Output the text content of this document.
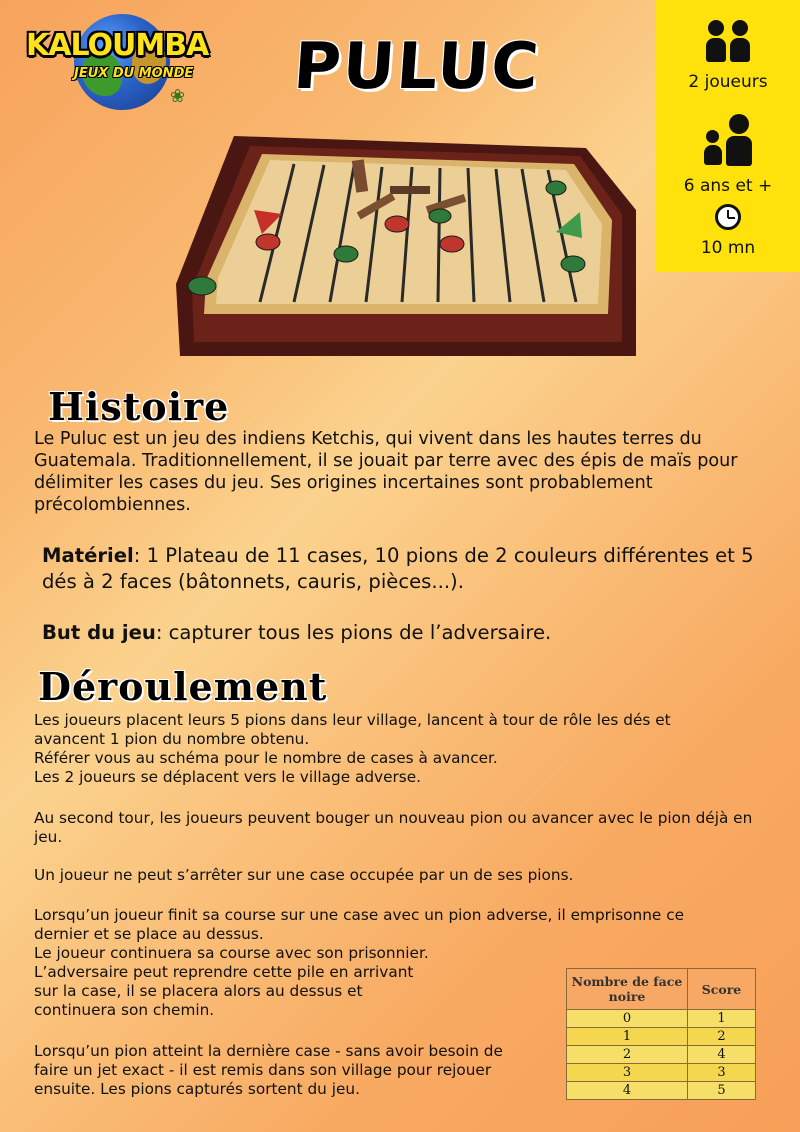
KALOUMBA
JEUX DU MONDE
❀	PULUC	2 joueurs
6 ans et +
10 mn
Histoire

Le Puluc est un jeu des indiens Ketchis, qui vivent dans les hautes terres du Guatemala. Traditionnellement, il se jouait par terre avec des épis de maïs pour délimiter les cases du jeu. Ses origines incertaines sont probablement précolombiennes.

Matériel: 1 Plateau de 11 cases, 10 pions de 2 couleurs différentes et 5 dés à 2 faces (bâtonnets, cauris, pièces...).

But du jeu: capturer tous les pions de l’adversaire.

Déroulement

Les joueurs placent leurs 5 pions dans leur village, lancent à tour de rôle les dés et avancent 1 pion du nombre obtenu.

Référer vous au schéma pour le nombre de cases à avancer.

Les 2 joueurs se déplacent vers le village adverse.

Au second tour, les joueurs peuvent bouger un nouveau pion ou avancer avec le pion déjà en jeu.

Un joueur ne peut s’arrêter sur une case occupée par un de ses pions.

Lorsqu’un joueur finit sa course sur une case avec un pion adverse, il emprisonne ce dernier et se place au dessus.

Le joueur continuera sa course avec son prisonnier.

L’adversaire peut reprendre cette pile en arrivant

sur la case, il se placera alors au dessus et

continuera son chemin.

Lorsqu’un pion atteint la dernière case - sans avoir besoin de

faire un jet exact - il est remis dans son village pour rejouer

ensuite. Les pions capturés sortent du jeu.

Nombre de face noire	Score
0	1
1	2
2	4
3	3
4	5
